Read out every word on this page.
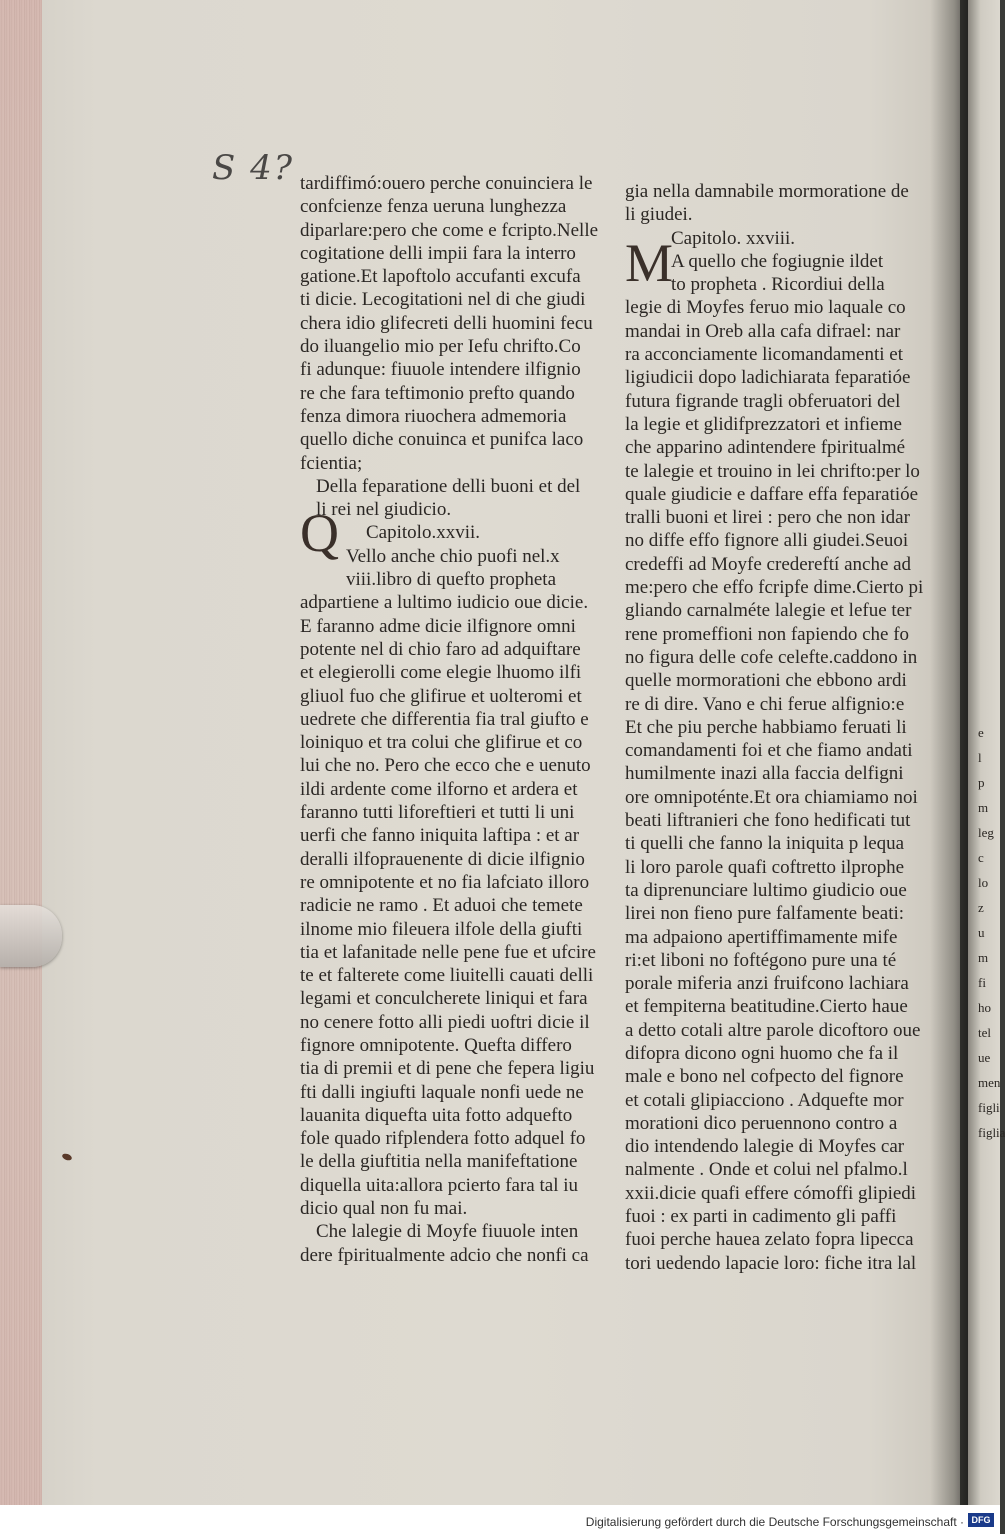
e
l
p
m
leg
c
lo
z
u
m
fi
ho
tel
ue
men
figli
figlia
S 4?
Q
M
tardiffimó:ouero perche conuinciera le
confcienze fenza ueruna lunghezza
diparlare:pero che come e fcripto.Nelle
cogitatione delli impii fara la interro
gatione.Et lapoftolo accufanti excufa
ti dicie. Lecogitationi nel di che giudi
chera idio glifecreti delli huomini fecu
do iluangelio mio per Iefu chrifto.Co
fi adunque: fiuuole intendere ilfignio
re che fara teftimonio prefto quando
fenza dimora riuochera admemoria
quello diche conuinca et punifca laco
fcientia;
Della feparatione delli buoni et del
li rei nel giudicio.
Capitolo.xxvii.
Vello anche chio puofi nel.x
viii.libro di quefto propheta
adpartiene a lultimo iudicio oue dicie.
E faranno adme dicie ilfignore omni
potente nel di chio faro ad adquiftare
et elegierolli come elegie lhuomo ilfi
gliuol fuo che glifirue et uolteromi et
uedrete che differentia fia tral giufto e
loiniquo et tra colui che glifirue et co
lui che no. Pero che ecco che e uenuto
ildi ardente come ilforno et ardera et
faranno tutti liforeftieri et tutti li uni
uerfi che fanno iniquita laftipa : et ar
deralli ilfoprauenente di dicie ilfignio
re omnipotente et no fia lafciato illoro
radicie ne ramo . Et aduoi che temete
ilnome mio fileuera ilfole della giufti
tia et lafanitade nelle pene fue et ufcire
te et falterete come liuitelli cauati delli
legami et conculcherete liniqui et fara
no cenere fotto alli piedi uoftri dicie il
fignore omnipotente. Quefta differo
tia di premii et di pene che fepera ligiu
fti dalli ingiufti laquale nonfi uede ne
lauanita diquefta uita fotto adquefto
fole quado rifplendera fotto adquel fo
le della giuftitia nella manifeftatione
diquella uita:allora pcierto fara tal iu
dicio qual non fu mai.
Che lalegie di Moyfe fiuuole inten
dere fpiritualmente adcio che nonfi ca
gia nella damnabile mormoratione de
li giudei.
Capitolo. xxviii.
A quello che fogiugnie ildet
to propheta . Ricordiui della
legie di Moyfes feruo mio laquale co
mandai in Oreb alla cafa difrael: nar
ra acconciamente licomandamenti et
ligiudicii dopo ladichiarata feparatióe
futura figrande tragli obferuatori del
la legie et glidifprezzatori et infieme
che apparino adintendere fpiritualmé
te lalegie et trouino in lei chrifto:per lo
quale giudicie e daffare effa feparatióe
tralli buoni et lirei : pero che non idar
no diffe effo fignore alli giudei.Seuoi
credeffi ad Moyfe credereftí anche ad
me:pero che effo fcripfe dime.Cierto pi
gliando carnalméte lalegie et lefue ter
rene promeffioni non fapiendo che fo
no figura delle cofe celefte.caddono in
quelle mormorationi che ebbono ardi
re di dire. Vano e chi ferue alfignio:e
Et che piu perche habbiamo feruati li
comandamenti foi et che fiamo andati
humilmente inazi alla faccia delfigni
ore omnipoténte.Et ora chiamiamo noi
beati liftranieri che fono hedificati tut
ti quelli che fanno la iniquita p lequa
li loro parole quafi coftretto ilprophe
ta diprenunciare lultimo giudicio oue
lirei non fieno pure falfamente beati:
ma adpaiono apertiffimamente mife
ri:et liboni no foftégono pure una té
porale miferia anzi fruifcono lachiara
et fempiterna beatitudine.Cierto haue
a detto cotali altre parole dicoftoro oue
difopra dicono ogni huomo che fa il
male e bono nel cofpecto del fignore
et cotali glipiacciono . Adquefte mor
morationi dico peruennono contro a
dio intendendo lalegie di Moyfes car
nalmente . Onde et colui nel pfalmo.l
xxii.dicie quafi effere cómoffi glipiedi
fuoi : ex parti in cadimento gli paffi
fuoi perche hauea zelato fopra lipecca
tori uedendo lapacie loro: fiche itra lal
Digitalisierung gefördert durch die Deutsche Forschungsgemeinschaft · DFG
